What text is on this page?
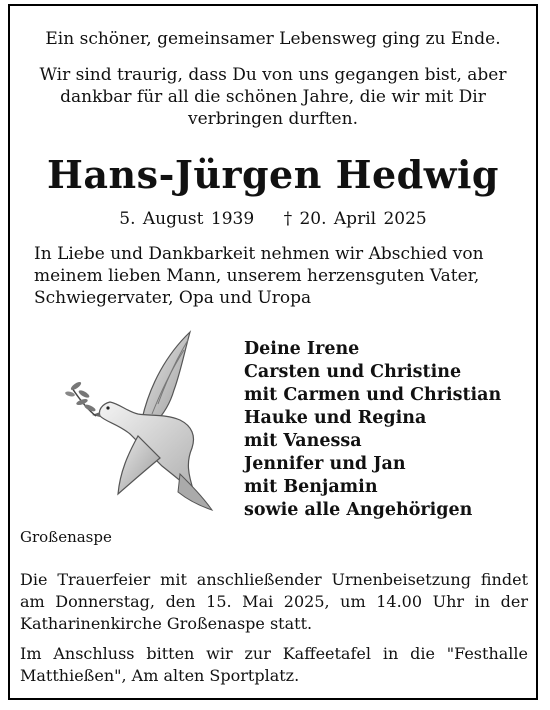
Ein schöner, gemeinsamer Lebensweg ging zu Ende.

Wir sind traurig, dass Du von uns gegangen bist, aber dankbar für all die schönen Jahre, die wir mit Dir verbringen durften.

Hans-Jürgen Hedwig
5. August 1939 † 20. April 2025
In Liebe und Dankbarkeit nehmen wir Abschied von meinem lieben Mann, unserem herzensguten Vater, Schwiegervater, Opa und Uropa
Deine Irene
Carsten und Christine
mit Carmen und Christian
Hauke und Regina
mit Vanessa
Jennifer und Jan
mit Benjamin
sowie alle Angehörigen
Großenaspe
Die Trauerfeier mit anschließender Urnenbeisetzung findet am Donnerstag, den 15. Mai 2025, um 14.00 Uhr in der Katharinenkirche Großenaspe statt.
Im Anschluss bitten wir zur Kaffeetafel in die "Festhalle Matthießen", Am alten Sportplatz.
